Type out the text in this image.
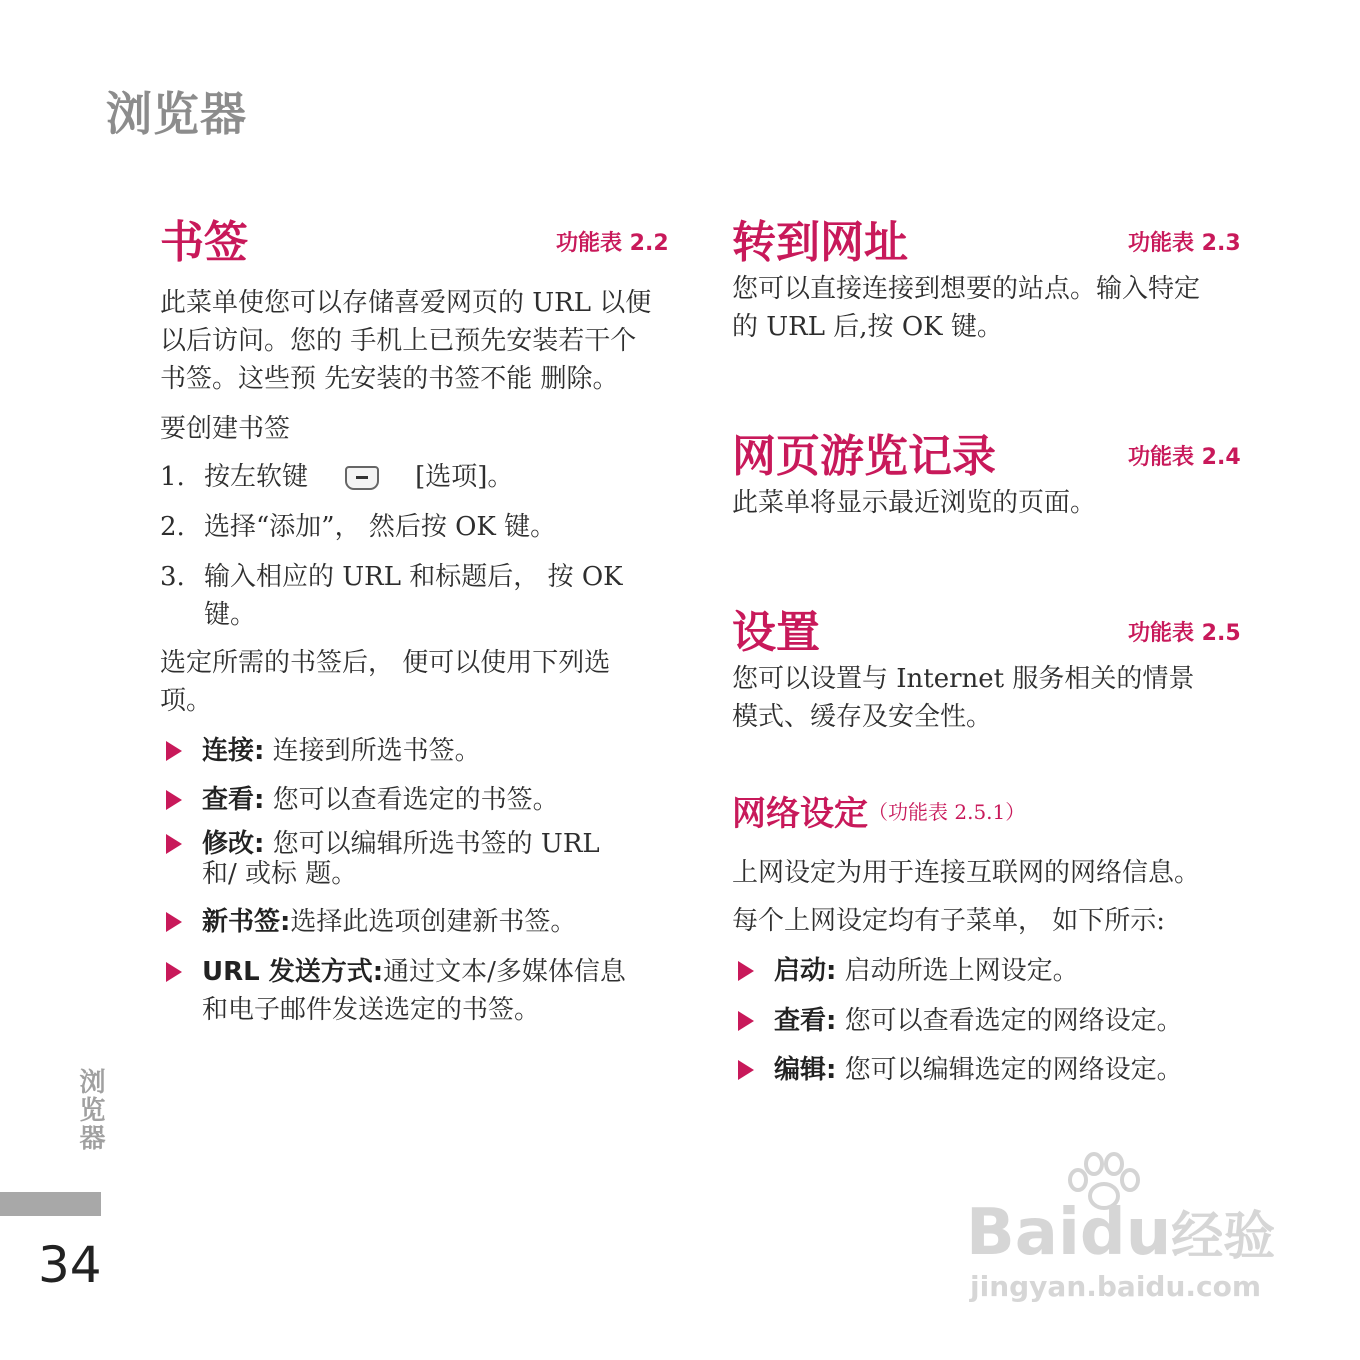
浏览器
书签	功能表 2.2
此菜单使您可以存储喜爱网页的 URL 以便
以后访问。您的 手机上已预先安装若干个
书签。这些预 先安装的书签不能 删除。
要创建书签
1. 按左软键	[选项]。
2. 选择“添加”， 然后按 OK 键。
3. 输入相应的 URL 和标题后， 按 OK
键。
选定所需的书签后， 便可以使用下列选
项。
连接: 连接到所选书签。
查看: 您可以查看选定的书签。
修改: 您可以编辑所选书签的 URL
和/ 或标 题。
新书签:选择此选项创建新书签。
URL 发送方式:通过文本/多媒体信息
和电子邮件发送选定的书签。
转到网址	功能表 2.3
您可以直接连接到想要的站点。输入特定
的 URL 后,按 OK 键。
网页游览记录	功能表 2.4
此菜单将显示最近浏览的页面。
设置	功能表 2.5
您可以设置与 Internet 服务相关的情景
模式、缓存及安全性。
网络设定（功能表 2.5.1）
上网设定为用于连接互联网的网络信息。
每个上网设定均有子菜单， 如下所示:
启动: 启动所选上网设定。
查看: 您可以查看选定的网络设定。
编辑: 您可以编辑选定的网络设定。
浏览器
34	Baidu经验
jingyan.baidu.com
